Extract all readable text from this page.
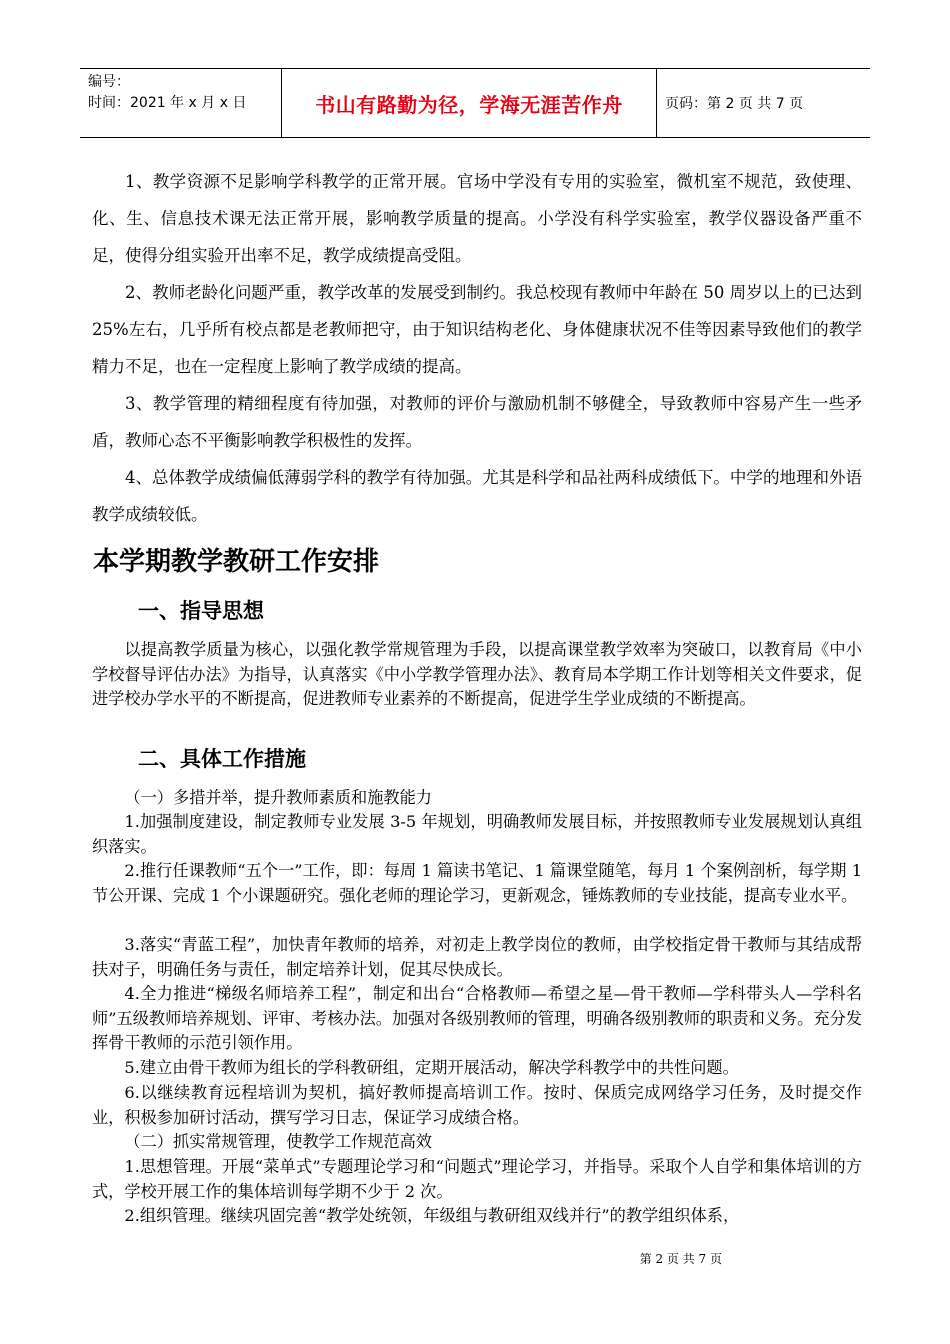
编号：
时间：2021 年 x 月 x 日	书山有路勤为径，学海无涯苦作舟	页码：第 2 页 共 7 页

1、教学资源不足影响学科教学的正常开展。官场中学没有专用的实验室，微机室不规范，致使理、化、生、信息技术课无法正常开展，影响教学质量的提高。小学没有科学实验室，教学仪器设备严重不足，使得分组实验开出率不足，教学成绩提高受阻。

2、教师老龄化问题严重，教学改革的发展受到制约。我总校现有教师中年龄在 50 周岁以上的已达到 25%左右，几乎所有校点都是老教师把守，由于知识结构老化、身体健康状况不佳等因素导致他们的教学精力不足，也在一定程度上影响了教学成绩的提高。

3、教学管理的精细程度有待加强，对教师的评价与激励机制不够健全，导致教师中容易产生一些矛盾，教师心态不平衡影响教学积极性的发挥。

4、总体教学成绩偏低薄弱学科的教学有待加强。尤其是科学和品社两科成绩低下。中学的地理和外语教学成绩较低。

本学期教学教研工作安排
一、指导思想

以提高教学质量为核心，以强化教学常规管理为手段，以提高课堂教学效率为突破口，以教育局《中小学校督导评估办法》为指导，认真落实《中小学教学管理办法》、教育局本学期工作计划等相关文件要求，促进学校办学水平的不断提高，促进教师专业素养的不断提高，促进学生学业成绩的不断提高。

二、具体工作措施

（一）多措并举，提升教师素质和施教能力

1.加强制度建设，制定教师专业发展 3-5 年规划，明确教师发展目标，并按照教师专业发展规划认真组织落实。

2.推行任课教师“五个一”工作，即：每周 1 篇读书笔记、1 篇课堂随笔，每月 1 个案例剖析，每学期 1 节公开课、完成 1 个小课题研究。强化老师的理论学习，更新观念，锤炼教师的专业技能，提高专业水平。

3.落实“青蓝工程”，加快青年教师的培养，对初走上教学岗位的教师，由学校指定骨干教师与其结成帮扶对子，明确任务与责任，制定培养计划，促其尽快成长。

4.全力推进“梯级名师培养工程”，制定和出台“合格教师—希望之星—骨干教师—学科带头人—学科名师”五级教师培养规划、评审、考核办法。加强对各级别教师的管理，明确各级别教师的职责和义务。充分发挥骨干教师的示范引领作用。

5.建立由骨干教师为组长的学科教研组，定期开展活动，解决学科教学中的共性问题。

6.以继续教育远程培训为契机，搞好教师提高培训工作。按时、保质完成网络学习任务，及时提交作业，积极参加研讨活动，撰写学习日志，保证学习成绩合格。

（二）抓实常规管理，使教学工作规范高效

1.思想管理。开展“菜单式”专题理论学习和“问题式”理论学习，并指导。采取个人自学和集体培训的方式，学校开展工作的集体培训每学期不少于 2 次。

2.组织管理。继续巩固完善“教学处统领，年级组与教研组双线并行”的教学组织体系，

第 2 页 共 7 页
